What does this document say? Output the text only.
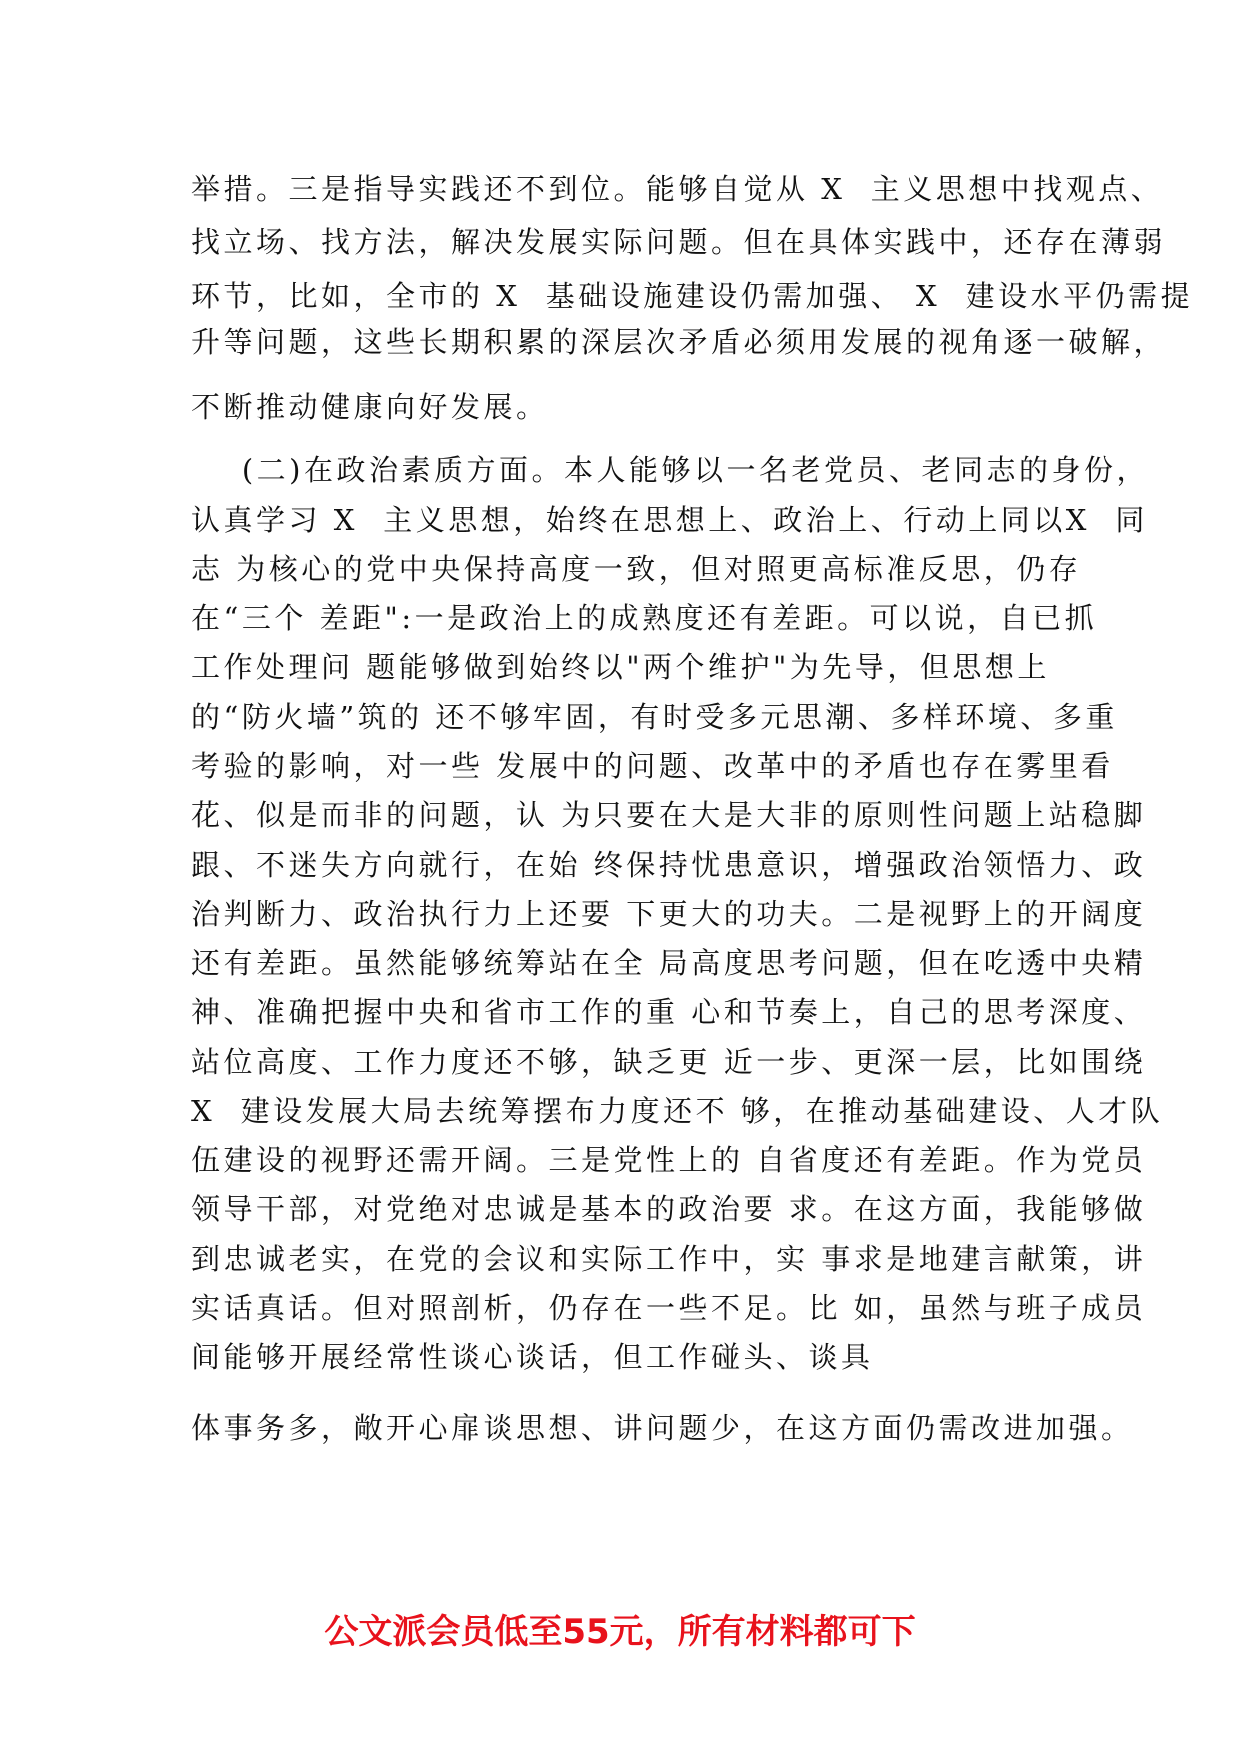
举措。三是指导实践还不到位。能够自觉从 X  主义思想中找观点、
找立场、找方法，解决发展实际问题。但在具体实践中，还存在薄弱
环节，比如，全市的 X  基础设施建设仍需加强、 X  建设水平仍需提
升等问题，这些长期积累的深层次矛盾必须用发展的视角逐一破解，
不断推动健康向好发展。
(二)在政治素质方面。本人能够以一名老党员、老同志的身份，
认真学习 X  主义思想，始终在思想上、政治上、行动上同以X  同
志 为核心的党中央保持高度一致，但对照更高标准反思，仍存
在“三个 差距":一是政治上的成熟度还有差距。可以说，自已抓
工作处理问 题能够做到始终以"两个维护"为先导，但思想上
的“防火墙”筑的 还不够牢固，有时受多元思潮、多样环境、多重
考验的影响，对一些 发展中的问题、改革中的矛盾也存在雾里看
花、似是而非的问题，认 为只要在大是大非的原则性问题上站稳脚
跟、不迷失方向就行，在始 终保持忧患意识，增强政治领悟力、政
治判断力、政治执行力上还要 下更大的功夫。二是视野上的开阔度
还有差距。虽然能够统筹站在全 局高度思考问题，但在吃透中央精
神、准确把握中央和省市工作的重 心和节奏上，自己的思考深度、
站位高度、工作力度还不够，缺乏更 近一步、更深一层，比如围绕
X  建设发展大局去统筹摆布力度还不 够，在推动基础建设、人才队
伍建设的视野还需开阔。三是党性上的 自省度还有差距。作为党员
领导干部，对党绝对忠诚是基本的政治要 求。在这方面，我能够做
到忠诚老实，在党的会议和实际工作中，实 事求是地建言献策，讲
实话真话。但对照剖析，仍存在一些不足。比 如，虽然与班子成员
间能够开展经常性谈心谈话，但工作碰头、谈具
体事务多，敞开心扉谈思想、讲问题少，在这方面仍需改进加强。
公文派会员低至55元，所有材料都可下
